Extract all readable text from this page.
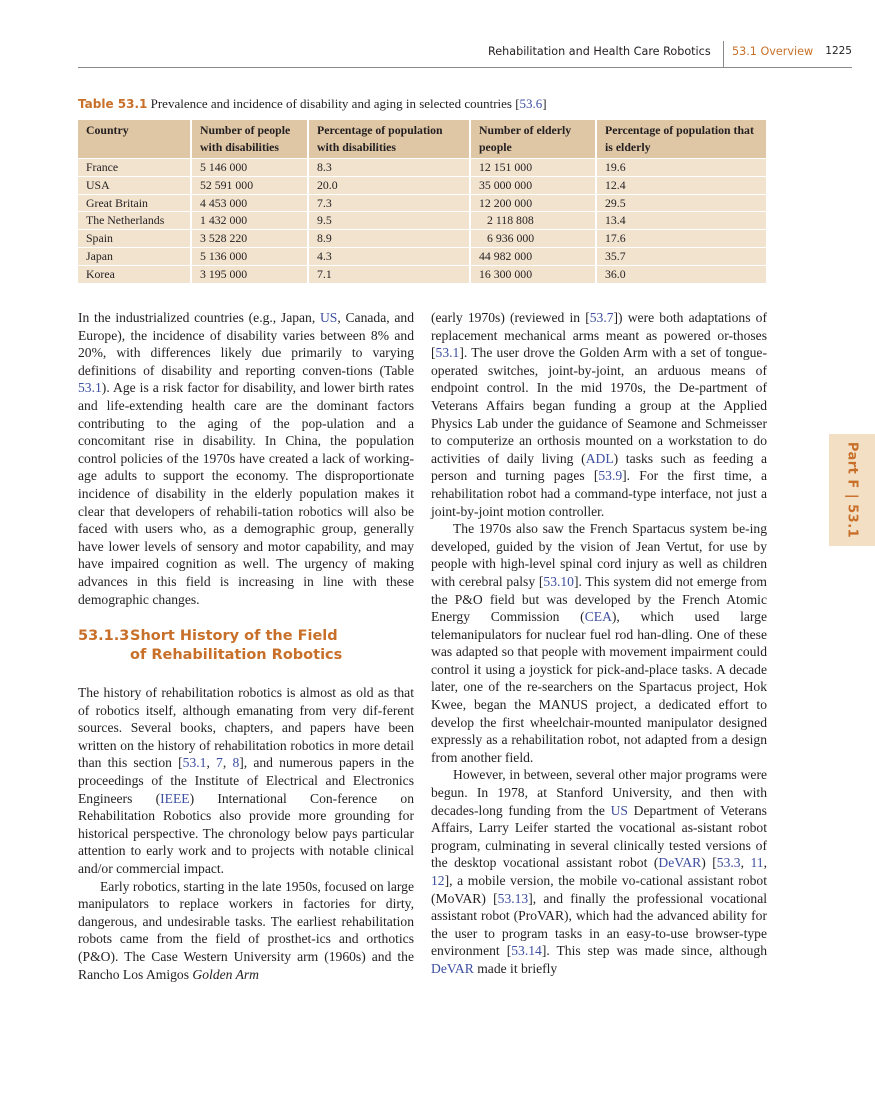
Rehabilitation and Health Care Robotics 53.1 Overview 1225
Part F | 53.1
Table 53.1 Prevalence and incidence of disability and aging in selected countries [53.6]
Country	Number of people with disabilities	Percentage of population with disabilities	Number of elderly people	Percentage of population that is elderly
France	5 146 000	8.3	12 151 000	19.6
USA	52 591 000	20.0	35 000 000	12.4
Great Britain	4 453 000	7.3	12 200 000	29.5
The Netherlands	1 432 000	9.5	2 118 808	13.4
Spain	3 528 220	8.9	6 936 000	17.6
Japan	5 136 000	4.3	44 982 000	35.7
Korea	3 195 000	7.1	16 300 000	36.0

In the industrialized countries (e.g., Japan, US, Canada, and Europe), the incidence of disability varies between 8% and 20%, with differences likely due primarily to varying definitions of disability and reporting conven-tions (Table 53.1). Age is a risk factor for disability, and lower birth rates and life-extending health care are the dominant factors contributing to the aging of the pop-ulation and a concomitant rise in disability. In China, the population control policies of the 1970s have created a lack of working-age adults to support the economy. The disproportionate incidence of disability in the elderly population makes it clear that developers of rehabili-tation robotics will also be faced with users who, as a demographic group, generally have lower levels of sensory and motor capability, and may have impaired cognition as well. The urgency of making advances in this field is increasing in line with these demographic changes.

53.1.3Short History of the Field
of Rehabilitation Robotics

The history of rehabilitation robotics is almost as old as that of robotics itself, although emanating from very dif-ferent sources. Several books, chapters, and papers have been written on the history of rehabilitation robotics in more detail than this section [53.1, 7, 8], and numerous papers in the proceedings of the Institute of Electrical and Electronics Engineers (IEEE) International Con-ference on Rehabilitation Robotics also provide more grounding for historical perspective. The chronology below pays particular attention to early work and to projects with notable clinical and/or commercial impact.

Early robotics, starting in the late 1950s, focused on large manipulators to replace workers in factories for dirty, dangerous, and undesirable tasks. The earliest rehabilitation robots came from the field of prosthet-ics and orthotics (P&O). The Case Western University arm (1960s) and the Rancho Los Amigos Golden Arm

(early 1970s) (reviewed in [53.7]) were both adaptations of replacement mechanical arms meant as powered or-thoses [53.1]. The user drove the Golden Arm with a set of tongue-operated switches, joint-by-joint, an arduous means of endpoint control. In the mid 1970s, the De-partment of Veterans Affairs began funding a group at the Applied Physics Lab under the guidance of Seamone and Schmeisser to computerize an orthosis mounted on a workstation to do activities of daily living (ADL) tasks such as feeding a person and turning pages [53.9]. For the first time, a rehabilitation robot had a command-type interface, not just a joint-by-joint motion controller.

The 1970s also saw the French Spartacus system be-ing developed, guided by the vision of Jean Vertut, for use by people with high-level spinal cord injury as well as children with cerebral palsy [53.10]. This system did not emerge from the P&O field but was developed by the French Atomic Energy Commission (CEA), which used large telemanipulators for nuclear fuel rod han-dling. One of these was adapted so that people with movement impairment could control it using a joystick for pick-and-place tasks. A decade later, one of the re-searchers on the Spartacus project, Hok Kwee, began the MANUS project, a dedicated effort to develop the first wheelchair-mounted manipulator designed expressly as a rehabilitation robot, not adapted from a design from another field.

However, in between, several other major programs were begun. In 1978, at Stanford University, and then with decades-long funding from the US Department of Veterans Affairs, Larry Leifer started the vocational as-sistant robot program, culminating in several clinically tested versions of the desktop vocational assistant robot (DeVAR) [53.3, 11, 12], a mobile version, the mobile vo-cational assistant robot (MoVAR) [53.13], and finally the professional vocational assistant robot (ProVAR), which had the advanced ability for the user to program tasks in an easy-to-use browser-type environment [53.14]. This step was made since, although DeVAR made it briefly
